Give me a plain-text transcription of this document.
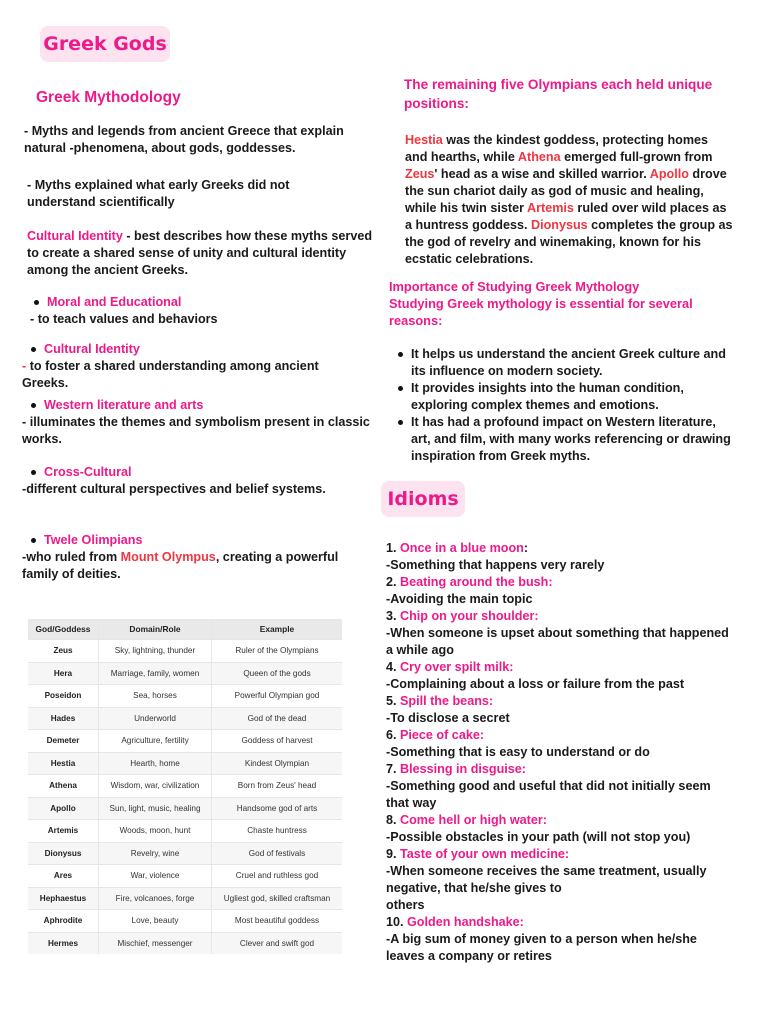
Greek Gods
Greek Mythodology
- Myths and legends from ancient Greece that explain natural -phenomena, about gods, goddesses.
- Myths explained what early Greeks did not understand scientifically
Cultural Identity - best describes how these myths served to create a shared sense of unity and cultural identity among the ancient Greeks.
Moral and Educational
- to teach values and behaviors
Cultural Identity
- to foster a shared understanding among ancient Greeks.
Western literature and arts
- illuminates the themes and symbolism present in classic works.
Cross-Cultural
-different cultural perspectives and belief systems.
Twele Olimpians
-who ruled from Mount Olympus, creating a powerful family of deities.
God/Goddess	Domain/Role	Example
Zeus	Sky, lightning, thunder	Ruler of the Olympians
Hera	Marriage, family, women	Queen of the gods
Poseidon	Sea, horses	Powerful Olympian god
Hades	Underworld	God of the dead
Demeter	Agriculture, fertility	Goddess of harvest
Hestia	Hearth, home	Kindest Olympian
Athena	Wisdom, war, civilization	Born from Zeus' head
Apollo	Sun, light, music, healing	Handsome god of arts
Artemis	Woods, moon, hunt	Chaste huntress
Dionysus	Revelry, wine	God of festivals
Ares	War, violence	Cruel and ruthless god
Hephaestus	Fire, volcanoes, forge	Ugliest god, skilled craftsman
Aphrodite	Love, beauty	Most beautiful goddess
Hermes	Mischief, messenger	Clever and swift god
The remaining five Olympians each held unique positions:
Hestia was the kindest goddess, protecting homes and hearths, while Athena emerged full-grown from Zeus' head as a wise and skilled warrior. Apollo drove the sun chariot daily as god of music and healing, while his twin sister Artemis ruled over wild places as a huntress goddess. Dionysus completes the group as the god of revelry and winemaking, known for his ecstatic celebrations.
Importance of Studying Greek Mythology
Studying Greek mythology is essential for several reasons:
It helps us understand the ancient Greek culture and its influence on modern society.
It provides insights into the human condition, exploring complex themes and emotions.
It has had a profound impact on Western literature, art, and film, with many works referencing or drawing inspiration from Greek myths.
Idioms
1. Once in a blue moon:
-Something that happens very rarely
2. Beating around the bush:
-Avoiding the main topic
3. Chip on your shoulder:
-When someone is upset about something that happened a while ago
4. Cry over spilt milk:
-Complaining about a loss or failure from the past
5. Spill the beans:
-To disclose a secret
6. Piece of cake:
-Something that is easy to understand or do
7. Blessing in disguise:
-Something good and useful that did not initially seem that way
8. Come hell or high water:
-Possible obstacles in your path (will not stop you)
9. Taste of your own medicine:
-When someone receives the same treatment, usually negative, that he/she gives to
others
10. Golden handshake:
-A big sum of money given to a person when he/she leaves a company or retires
